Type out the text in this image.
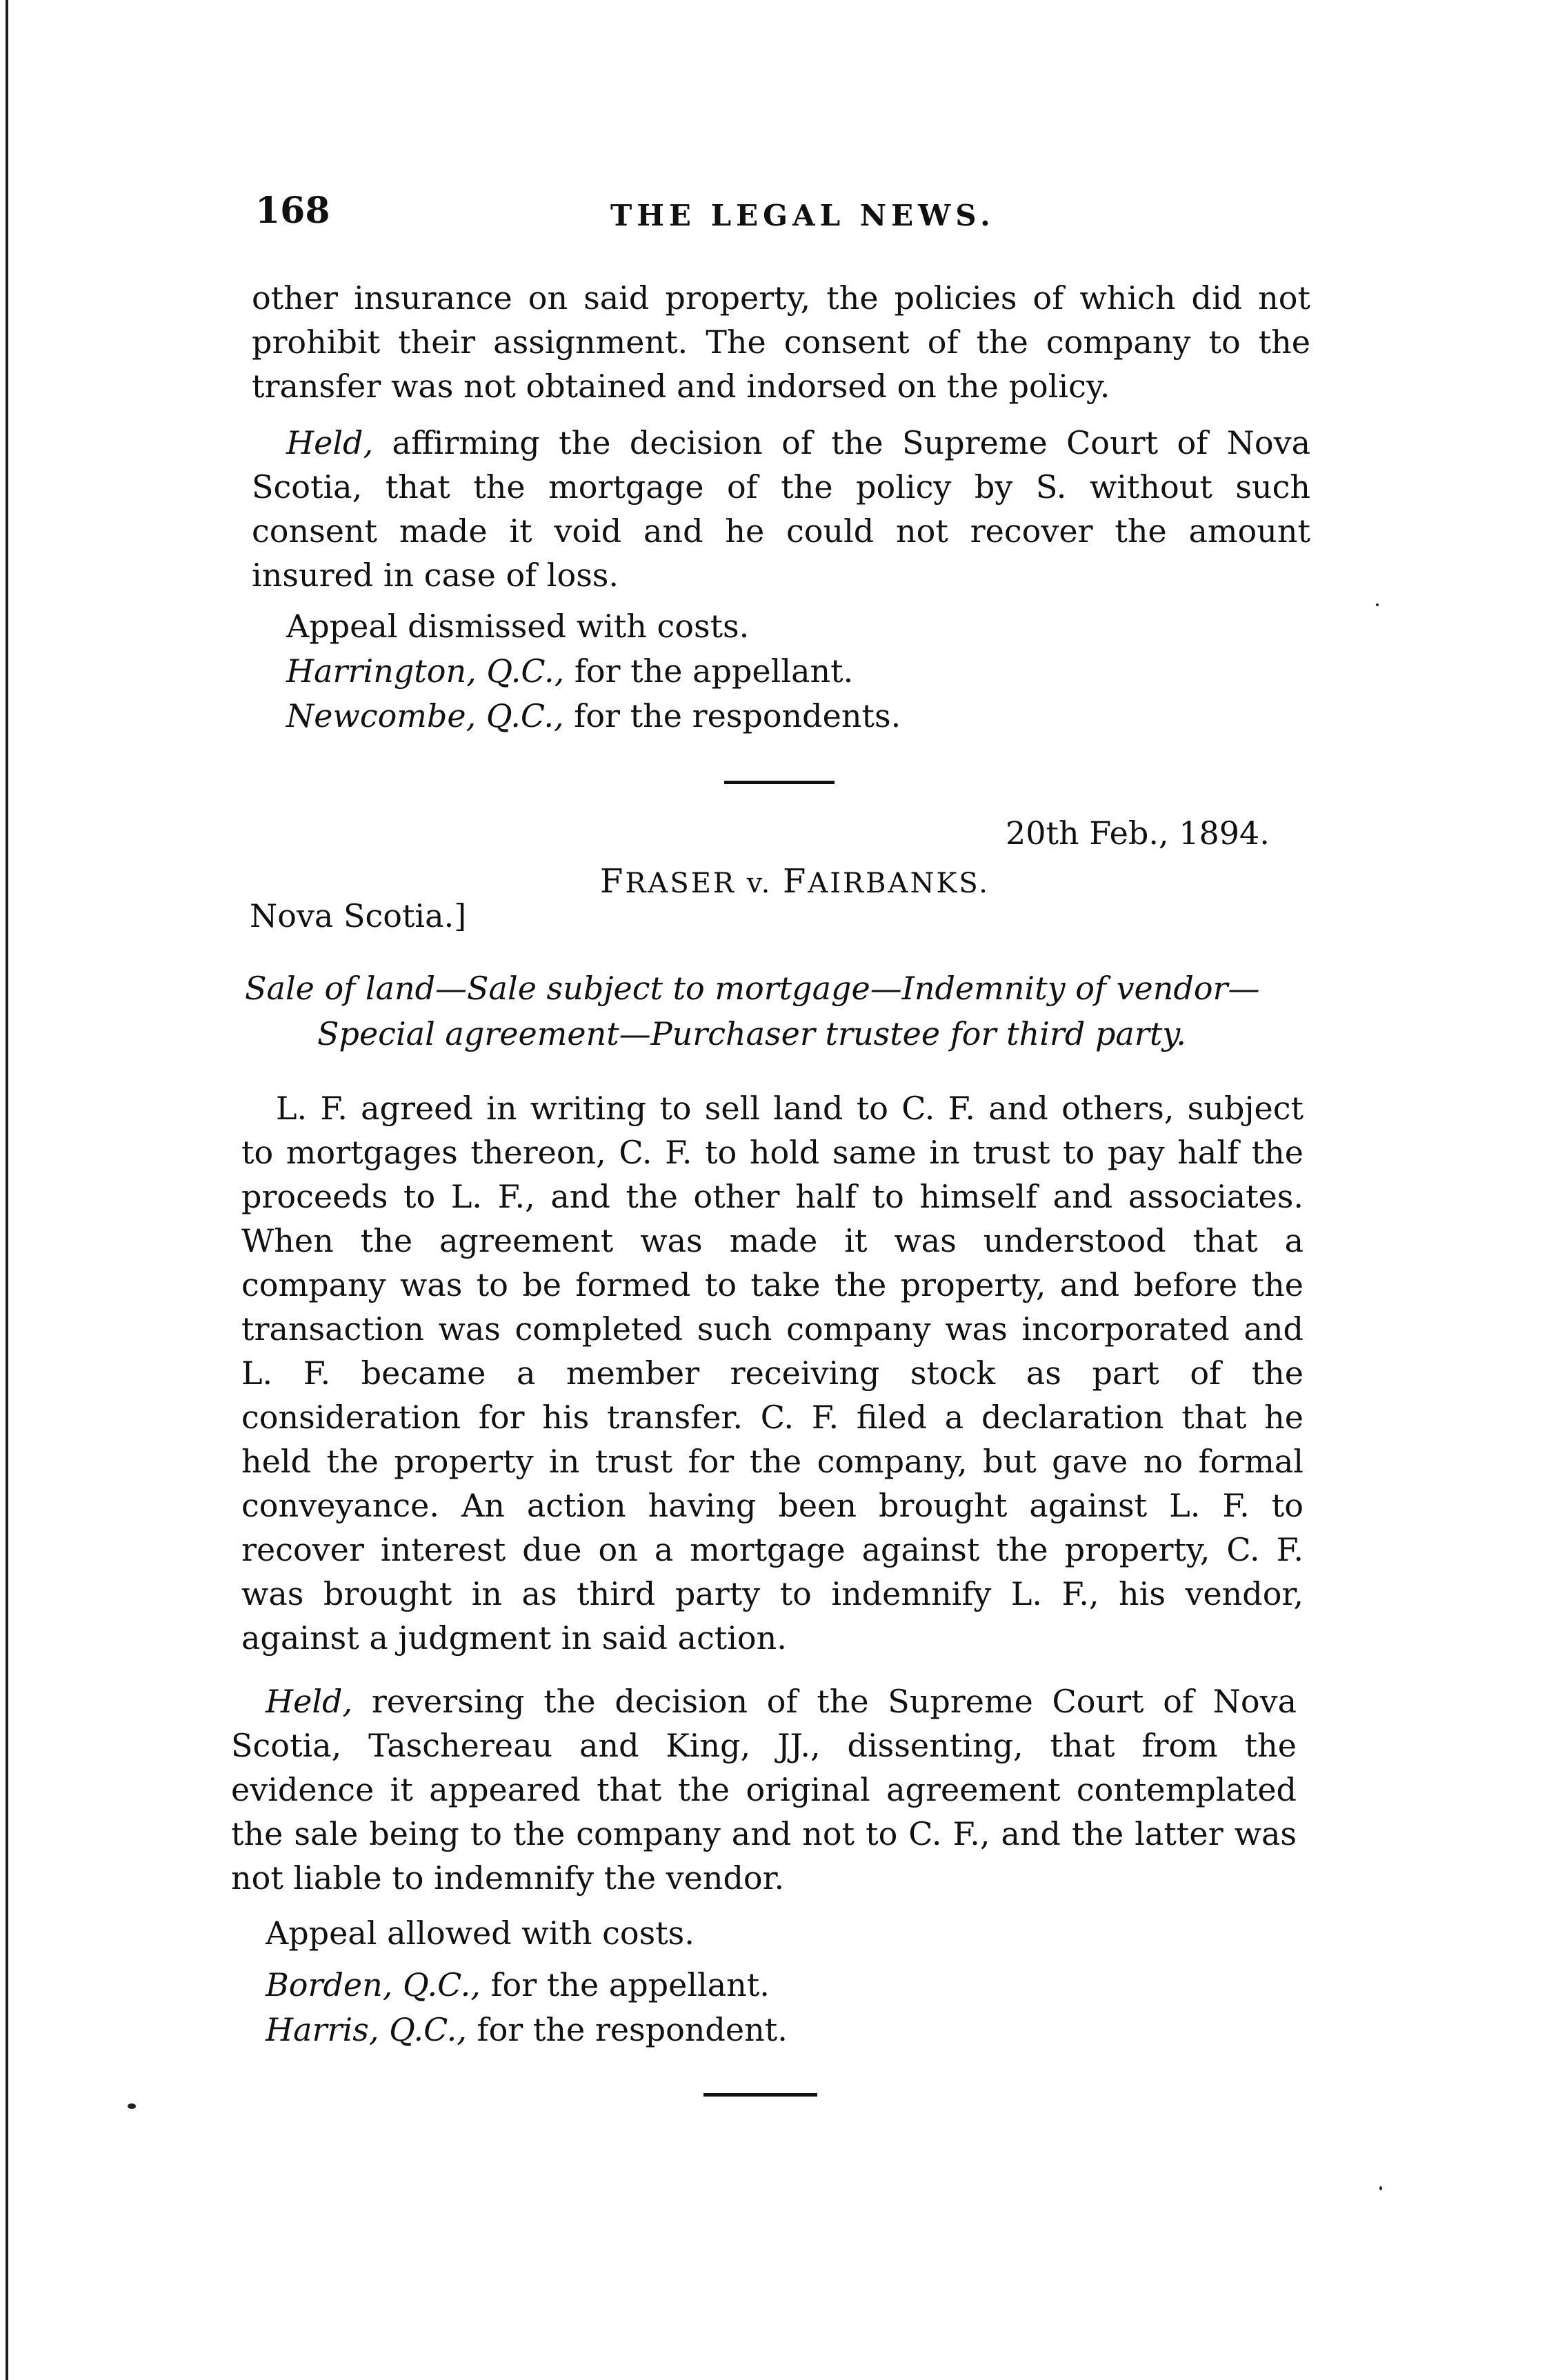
168	THE LEGAL NEWS.

other insurance on said property, the policies of which did not prohibit their assignment. The consent of the company to the transfer was not obtained and indorsed on the policy.

Held, affirming the decision of the Supreme Court of Nova Scotia, that the mortgage of the policy by S. without such consent made it void and he could not recover the amount insured in case of loss.

Appeal dismissed with costs.
Harrington, Q.C., for the appellant.
Newcombe, Q.C., for the respondents.
20th Feb., 1894.
FRASER v. FAIRBANKS.
Nova Scotia.]
Sale of land—Sale subject to mortgage—Indemnity of vendor—
Special agreement—Purchaser trustee for third party.

L. F. agreed in writing to sell land to C. F. and others, subject to mortgages thereon, C. F. to hold same in trust to pay half the proceeds to L. F., and the other half to himself and associates. When the agreement was made it was understood that a company was to be formed to take the property, and before the transaction was completed such company was incorporated and L. F. became a member receiving stock as part of the consideration for his transfer. C. F. filed a declaration that he held the property in trust for the company, but gave no formal conveyance. An action having been brought against L. F. to recover interest due on a mortgage against the property, C. F. was brought in as third party to indemnify L. F., his vendor, against a judgment in said action.

Held, reversing the decision of the Supreme Court of Nova Scotia, Taschereau and King, JJ., dissenting, that from the evidence it appeared that the original agreement contemplated the sale being to the company and not to C. F., and the latter was not liable to indemnify the vendor.

Appeal allowed with costs.
Borden, Q.C., for the appellant.
Harris, Q.C., for the respondent.
